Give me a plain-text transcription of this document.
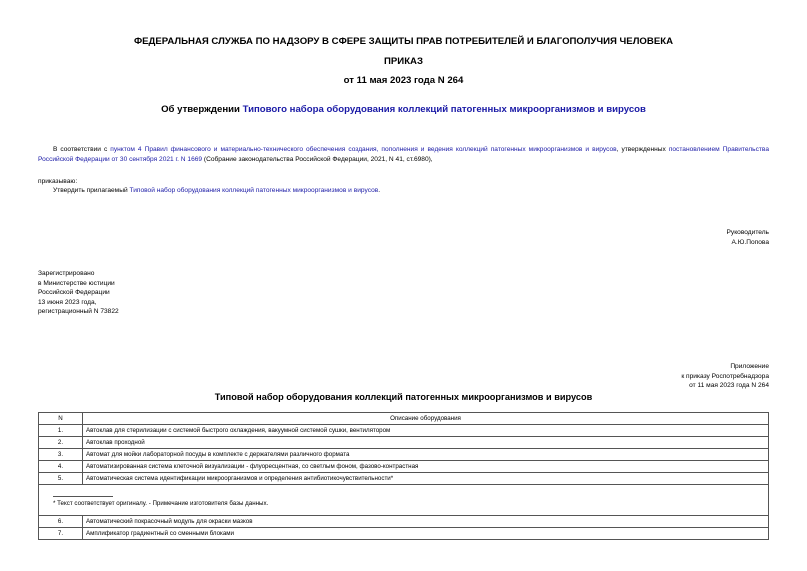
ФЕДЕРАЛЬНАЯ СЛУЖБА ПО НАДЗОРУ В СФЕРЕ ЗАЩИТЫ ПРАВ ПОТРЕБИТЕЛЕЙ И БЛАГОПОЛУЧИЯ ЧЕЛОВЕКА
ПРИКАЗ
от 11 мая 2023 года N 264
Об утверждении Типового набора оборудования коллекций патогенных микроорганизмов и вирусов
В соответствии с пунктом 4 Правил финансового и материально-технического обеспечения создания, пополнения и ведения коллекций патогенных микроорганизмов и вирусов, утвержденных постановлением Правительства Российской Федерации от 30 сентября 2021 г. N 1669 (Собрание законодательства Российской Федерации, 2021, N 41, ст.6980),
приказываю:
Утвердить прилагаемый Типовой набор оборудования коллекций патогенных микроорганизмов и вирусов.
Руководитель
А.Ю.Попова
Зарегистрировано
в Министерстве юстиции
Российской Федерации
13 июня 2023 года,
регистрационный N 73822
Приложение
к приказу Роспотребнадзора
от 11 мая 2023 года N 264
Типовой набор оборудования коллекций патогенных микроорганизмов и вирусов
N	Описание оборудования
1.	Автоклав для стерилизации с системой быстрого охлаждения, вакуумной системой сушки, вентилятором
2.	Автоклав проходной
3.	Автомат для мойки лабораторной посуды в комплекте с держателями различного формата
4.	Автоматизированная система клеточной визуализации - флуоресцентная, со светлым фоном, фазово-контрастная
5.	Автоматическая система идентификации микроорганизмов и определения антибиотикочувствительности*

* Текст соответствует оригиналу. - Примечание изготовителя базы данных.	
6.	Автоматический покрасочный модуль для окраски мазков
7.	Амплификатор градиентный со сменными блоками
